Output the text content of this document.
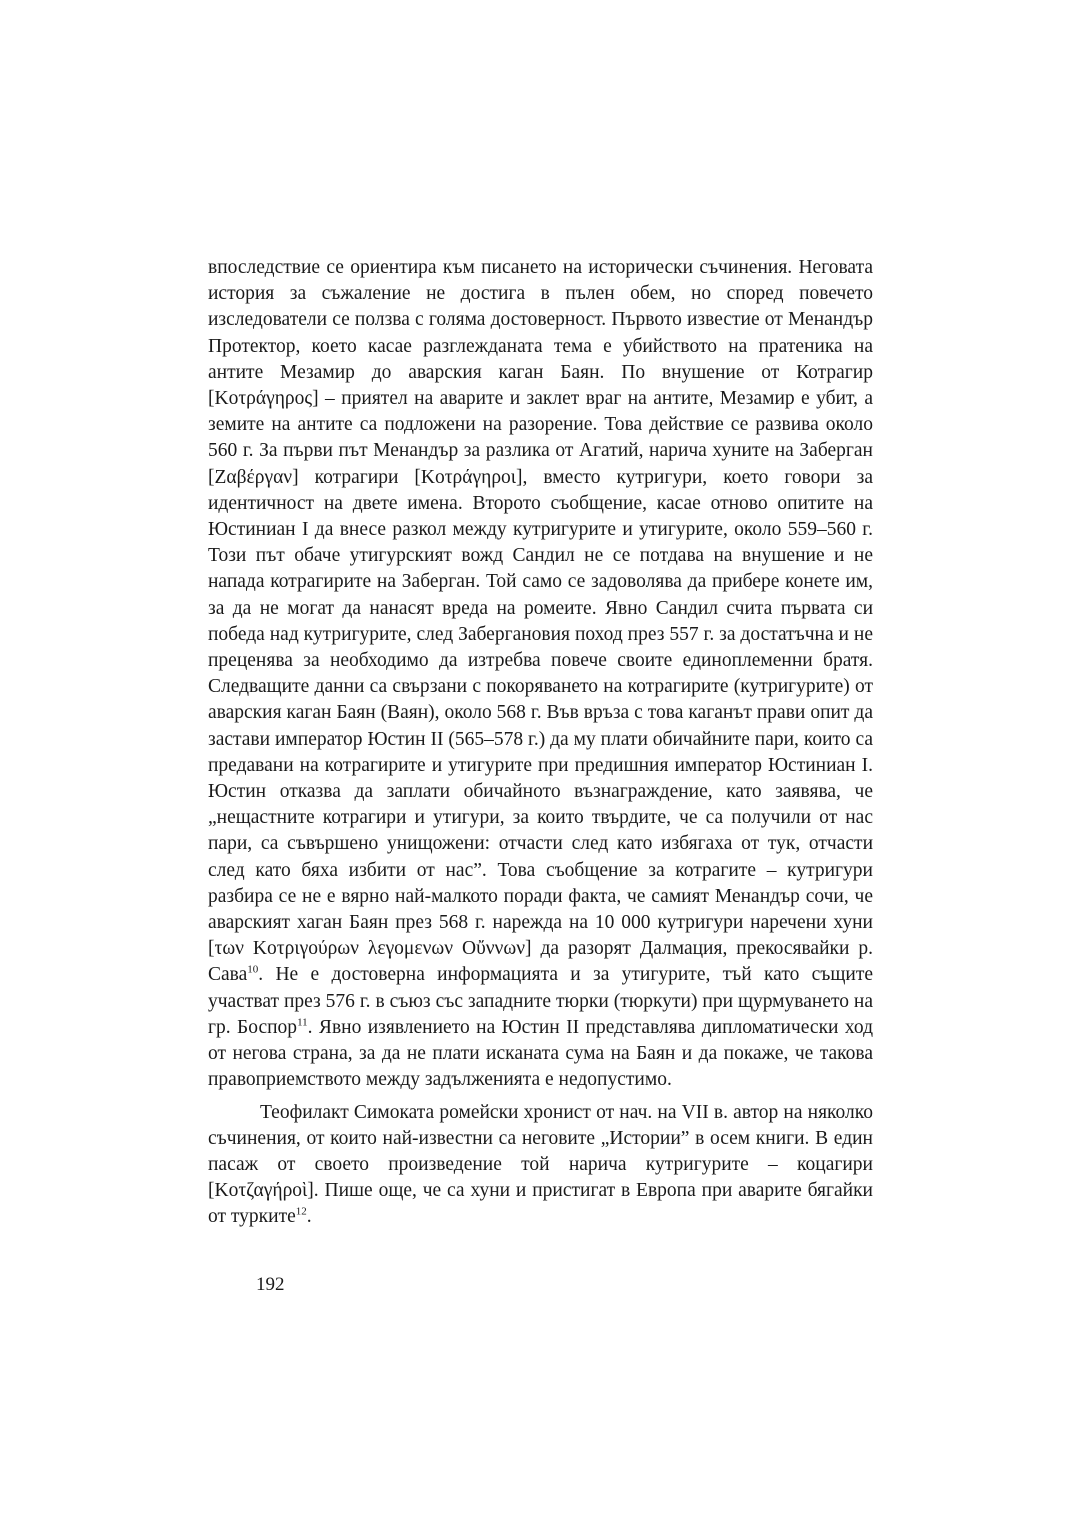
впоследствие се ориентира към писането на исторически съчинения. Неговата история за съжаление не достига в пълен обем, но според повечето изследователи се ползва с голяма достоверност. Първото известие от Менандър Протектор, което касае разглежданата тема е убийството на пратеника на антите Мезамир до аварския каган Баян. По внушение от Котрагир [Κοτράγηρος] – приятел на аварите и заклет враг на антите, Мезамир е убит, а земите на антите са подложени на разорение. Това действие се развива около 560 г. За първи път Менандър за разлика от Агатий, нарича хуните на Заберган [Ζαβέργαν] котрагири [Κοτράγηροι], вместо кутригури, което говори за идентичност на двете имена. Второто съобщение, касае отново опитите на Юстиниан I да внесе разкол между кутригурите и утигурите, около 559–560 г. Този път обаче утигурският вожд Сандил не се потдава на внушение и не напада котрагирите на Заберган. Той само се задоволява да прибере конете им, за да не могат да нанасят вреда на ромеите. Явно Сандил счита първата си победа над кутригурите, след Забергановия поход през 557 г. за достатъчна и не преценява за необходимо да изтребва повече своите единоплеменни братя. Следващите данни са свързани с покоряването на котрагирите (кутригурите) от аварския каган Баян (Ваян), около 568 г. Във връза с това каганът прави опит да застави император Юстин II (565–578 г.) да му плати обичайните пари, които са предавани на котрагирите и утигурите при предишния император Юстиниан I. Юстин отказва да заплати обичайното възнаграждение, като заявява, че „нещастните котрагири и утигури, за които твърдите, че са получили от нас пари, са съвършено унищожени: отчасти след като избягаха от тук, отчасти след като бяха избити от нас”. Това съобщение за котрагите – кутригури разбира се не е вярно най-малкото поради факта, че самият Менандър сочи, че аварският хаган Баян през 568 г. нарежда на 10 000 кутригури наречени хуни [των Κοτριγούρων λεγομενων Οὔννων] да разорят Далмация, прекосявайки р. Сава$^{10}$. Не е достоверна информацията и за утигурите, тъй като същите участват през 576 г. в съюз със западните тюрки (тюркути) при щурмуването на гр. Боспор$^{11}$. Явно изявлението на Юстин II представлява дипломатически ход от негова страна, за да не плати исканата сума на Баян и да покаже, че такова правоприемството между задълженията е недопустимо.

Теофилакт Симоката ромейски хронист от нач. на VII в. автор на няколко съчинения, от които най-известни са неговите „Истории” в осем книги. В един пасаж от своето произведение той нарича кутригурите – коцагири [Κοτζαγήροὶ]. Пише още, че са хуни и пристигат в Европа при аварите бягайки от турките$^{12}$.

192
